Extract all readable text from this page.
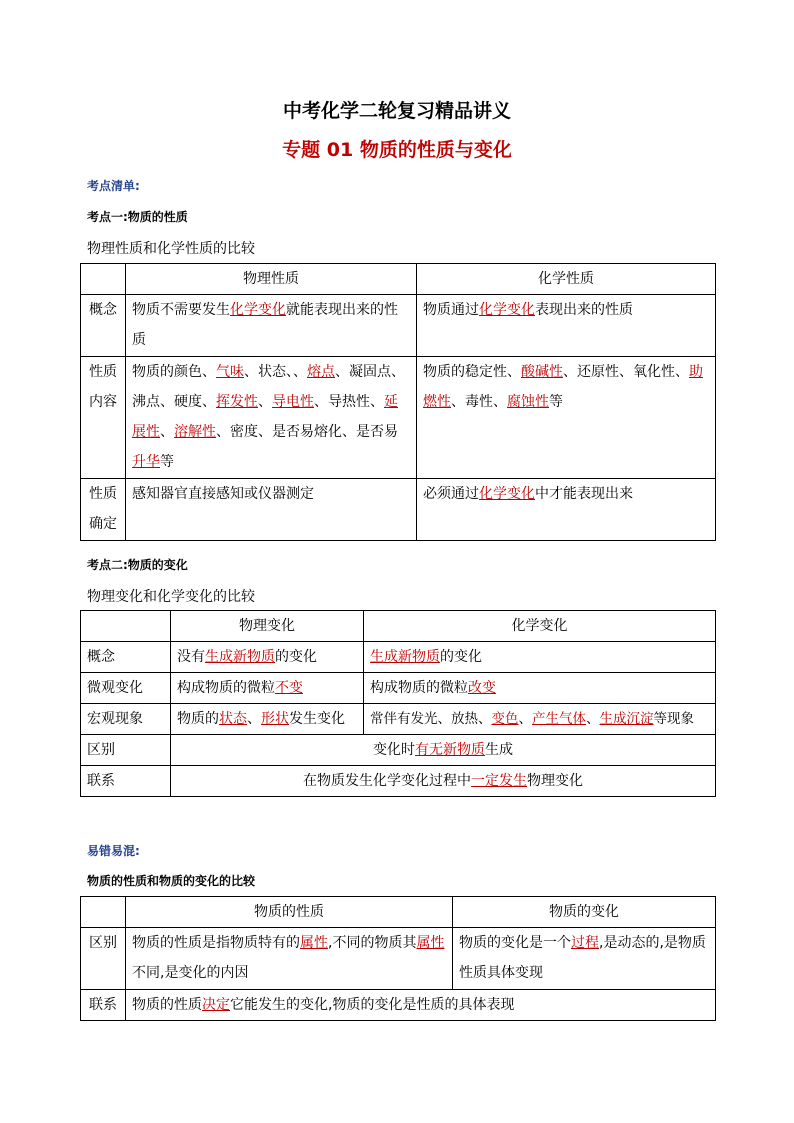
中考化学二轮复习精品讲义
专题 01 物质的性质与变化
考点清单:
考点一:物质的性质
物理性质和化学性质的比较
	物理性质	化学性质
概念	物质不需要发生化学变化就能表现出来的性质	物质通过化学变化表现出来的性质
性质内容	物质的颜色、气味、状态、、熔点、凝固点、沸点、硬度、挥发性、导电性、导热性、延展性、溶解性、密度、是否易熔化、是否易升华等	物质的稳定性、酸碱性、还原性、氧化性、助燃性、毒性、腐蚀性等
性质确定	感知器官直接感知或仪器测定	必须通过化学变化中才能表现出来
考点二:物质的变化
物理变化和化学变化的比较
	物理变化	化学变化
概念	没有生成新物质的变化	生成新物质的变化
微观变化	构成物质的微粒不变	构成物质的微粒改变
宏观现象	物质的状态、形状发生变化	常伴有发光、放热、变色、产生气体、生成沉淀等现象
区别	变化时有无新物质生成	
联系	在物质发生化学变化过程中一定发生物理变化	
易错易混:
物质的性质和物质的变化的比较
	物质的性质	物质的变化
区别	物质的性质是指物质特有的属性,不同的物质其属性不同,是变化的内因	物质的变化是一个过程,是动态的,是物质性质具体变现
联系	物质的性质决定它能发生的变化,物质的变化是性质的具体表现	
